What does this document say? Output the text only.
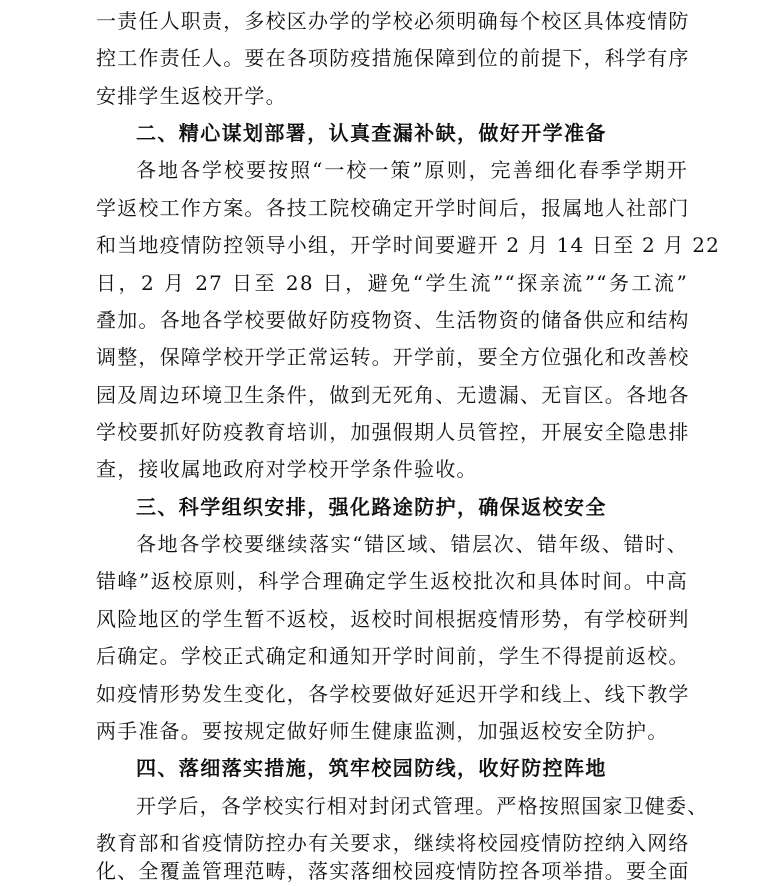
一责任人职责，多校区办学的学校必须明确每个校区具体疫情防
控工作责任人。要在各项防疫措施保障到位的前提下，科学有序
安排学生返校开学。
二、精心谋划部署，认真查漏补缺，做好开学准备
各地各学校要按照“一校一策”原则，完善细化春季学期开
学返校工作方案。各技工院校确定开学时间后，报属地人社部门
和当地疫情防控领导小组，开学时间要避开 2 月 14 日至 2 月 22
日，2 月 27 日至 28 日，避免“学生流”“探亲流”“务工流”
叠加。各地各学校要做好防疫物资、生活物资的储备供应和结构
调整，保障学校开学正常运转。开学前，要全方位强化和改善校
园及周边环境卫生条件，做到无死角、无遗漏、无盲区。各地各
学校要抓好防疫教育培训，加强假期人员管控，开展安全隐患排
查，接收属地政府对学校开学条件验收。
三、科学组织安排，强化路途防护，确保返校安全
各地各学校要继续落实“错区域、错层次、错年级、错时、
错峰”返校原则，科学合理确定学生返校批次和具体时间。中高
风险地区的学生暂不返校，返校时间根据疫情形势，有学校研判
后确定。学校正式确定和通知开学时间前，学生不得提前返校。
如疫情形势发生变化，各学校要做好延迟开学和线上、线下教学
两手准备。要按规定做好师生健康监测，加强返校安全防护。
四、落细落实措施，筑牢校园防线，收好防控阵地
开学后，各学校实行相对封闭式管理。严格按照国家卫健委、
教育部和省疫情防控办有关要求，继续将校园疫情防控纳入网络
化、全覆盖管理范畴，落实落细校园疫情防控各项举措。要全面
